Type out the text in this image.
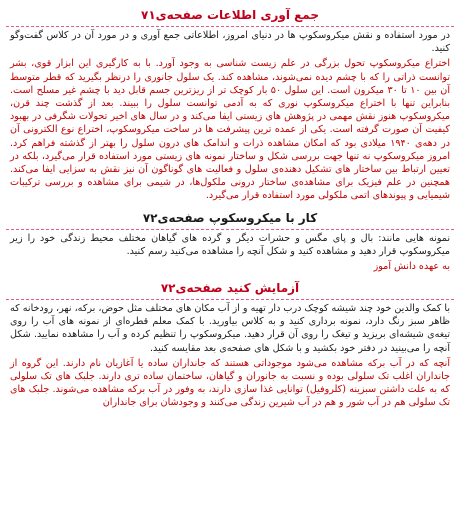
جمع آوری اطلاعات صفحه‌ی۷۱
در مورد استفاده و نقش میکروسکوپ ها در دنیای امروز، اطلاعاتی جمع آوری و در مورد آن در کلاس گفت‌وگو کنید.
اختراع میکروسکوپ تحول بزرگی در علم زیست شناسی به وجود آورد. با به کارگیری این ابزار قوی، بشر توانست ذراتی را که با چشم دیده نمی‌شوند، مشاهده کند. یک سلول جانوری را درنظر بگیرید که قطر متوسط آن بین ۱۰ تا ۳۰ میکرون است. این سلول ۵۰ بار کوچک تر از ریزترین جسم قابل دید با چشم غیر مسلح است. بنابراین تنها با اختراع میکروسکوپ نوری که به آدمی توانست سلول را ببیند. بعد از گذشت چند قرن، میکروسکوپ هنوز نقش مهمی در پژوهش های زیستی ایفا می‌کند و در سال های اخیر تحولات شگرفی در بهبود کیفیت آن صورت گرفته است. یکی از عمده ترین پیشرفت ها در ساخت میکروسکوپ، اختراع نوع الکترونی آن در دهه‌ی ۱۹۴۰ میلادی بود که امکان مشاهده ذرات و اندامک های درون سلول را بهتر از گذشته فراهم کرد. امروز میکروسکوپ نه تنها جهت بررسی شکل و ساختار نمونه های زیستی مورد استفاده قرار می‌گیرد، بلکه در تعیین ارتباط بین ساختار های تشکیل دهنده‌ی سلول و فعالیت های گوناگون آن نیز نقش به سزایی ایفا می‌کند. همچنین در علم فیزیک برای مشاهده‌ی ساختار درونی ملکول‌ها، در شیمی برای مشاهده و بررسی ترکیبات شیمیایی و پیوندهای اتمی ملکولی مورد استفاده قرار می‌گیرد.
کار با میکروسکوپ صفحه‌ی۷۲
نمونه هایی مانند: بال و پای مگس و حشرات دیگر و گرده های گیاهان مختلف محیط زندگی خود را زیر میکروسکوپ قرار دهید و مشاهده کنید و شکل آنچه را مشاهده می‌کنید رسم کنید.
به عهده دانش آموز
آزمایش کنید صفحه‌ی۷۲
با کمک والدین خود چند شیشه کوچک درب دار تهیه و از آب مکان های مختلف مثل حوض، برکه، نهر، رودخانه که ظاهر سبز رنگ دارد، نمونه برداری کنید و به کلاس بیاورید. با کمک معلم قطره‌ای از نمونه های آب را روی تیغه‌ی شیشه‌ای بریزید و تیغک را روی آن قرار دهید. میکروسکوپ را تنظیم کرده و آب را مشاهده نمایید. شکل آنچه را می‌بینید در دفتر خود بکشید و با شکل های صفحه‌ی بعد مقایسه کنید.
آنچه که در آب برکه مشاهده می‌شود موجوداتی هستند که جانداران ساده یا آغازیان نام دارند. این گروه از جانداران اغلب تک سلولی بوده و نسبت به جانوران و گیاهان، ساختمان ساده تری دارند. جلبک های تک سلولی که به علت داشتن سبزینه (کلروفیل) توانایی غذا سازی دارند، به وفور در آب برکه مشاهده می‌شوند. جلبک های تک سلولی هم در آب شور و هم در آب شیرین زندگی می‌کنند و وجودشان برای جانداران
